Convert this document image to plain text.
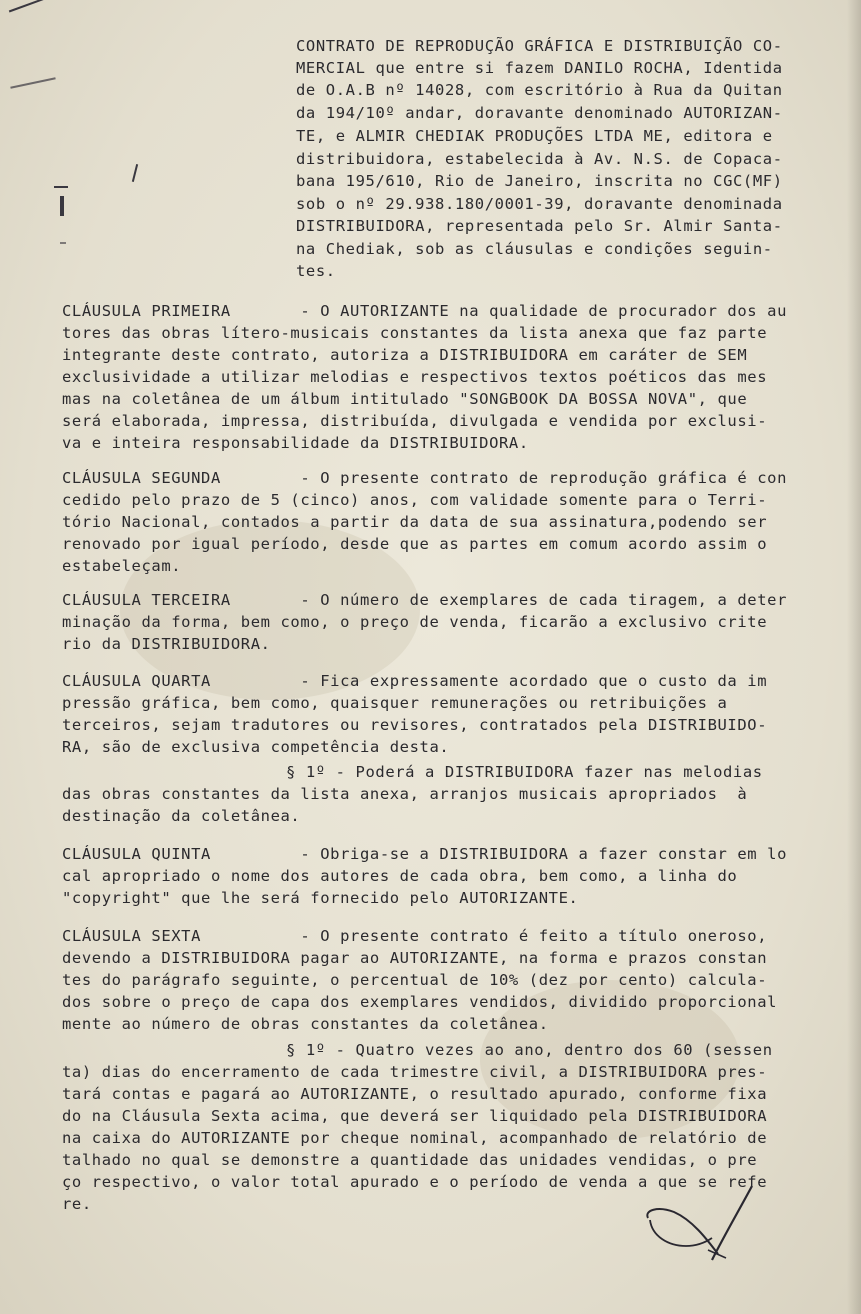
CONTRATO DE REPRODUÇÃO GRÁFICA E DISTRIBUIÇÃO CO-
MERCIAL que entre si fazem DANILO ROCHA, Identida
de O.A.B nº 14028, com escritório à Rua da Quitan
da 194/10º andar, doravante denominado AUTORIZAN-
TE, e ALMIR CHEDIAK PRODUÇÕES LTDA ME, editora e
distribuidora, estabelecida à Av. N.S. de Copaca-
bana 195/610, Rio de Janeiro, inscrita no CGC(MF)
sob o nº 29.938.180/0001-39, doravante denominada
DISTRIBUIDORA, representada pelo Sr. Almir Santa-
na Chediak, sob as cláusulas e condições seguin-
tes.
CLÁUSULA PRIMEIRA       - O AUTORIZANTE na qualidade de procurador dos au
tores das obras lítero-musicais constantes da lista anexa que faz parte
integrante deste contrato, autoriza a DISTRIBUIDORA em caráter de SEM
exclusividade a utilizar melodias e respectivos textos poéticos das mes
mas na coletânea de um álbum intitulado "SONGBOOK DA BOSSA NOVA", que
será elaborada, impressa, distribuída, divulgada e vendida por exclusi-
va e inteira responsabilidade da DISTRIBUIDORA.
CLÁUSULA SEGUNDA        - O presente contrato de reprodução gráfica é con
cedido pelo prazo de 5 (cinco) anos, com validade somente para o Terri-
tório Nacional, contados a partir da data de sua assinatura,podendo ser
renovado por igual período, desde que as partes em comum acordo assim o
estabeleçam.
CLÁUSULA TERCEIRA       - O número de exemplares de cada tiragem, a deter
minação da forma, bem como, o preço de venda, ficarão a exclusivo crite
rio da DISTRIBUIDORA.
CLÁUSULA QUARTA         - Fica expressamente acordado que o custo da im
pressão gráfica, bem como, quaisquer remunerações ou retribuições a
terceiros, sejam tradutores ou revisores, contratados pela DISTRIBUIDO-
RA, são de exclusiva competência desta.
§ 1º - Poderá a DISTRIBUIDORA fazer nas melodias
das obras constantes da lista anexa, arranjos musicais apropriados  à
destinação da coletânea.
CLÁUSULA QUINTA         - Obriga-se a DISTRIBUIDORA a fazer constar em lo
cal apropriado o nome dos autores de cada obra, bem como, a linha do
"copyright" que lhe será fornecido pelo AUTORIZANTE.
CLÁUSULA SEXTA          - O presente contrato é feito a título oneroso,
devendo a DISTRIBUIDORA pagar ao AUTORIZANTE, na forma e prazos constan
tes do parágrafo seguinte, o percentual de 10% (dez por cento) calcula-
dos sobre o preço de capa dos exemplares vendidos, dividido proporcional
mente ao número de obras constantes da coletânea.
§ 1º - Quatro vezes ao ano, dentro dos 60 (sessen
ta) dias do encerramento de cada trimestre civil, a DISTRIBUIDORA pres-
tará contas e pagará ao AUTORIZANTE, o resultado apurado, conforme fixa
do na Cláusula Sexta acima, que deverá ser liquidado pela DISTRIBUIDORA
na caixa do AUTORIZANTE por cheque nominal, acompanhado de relatório de
talhado no qual se demonstre a quantidade das unidades vendidas, o pre
ço respectivo, o valor total apurado e o período de venda a que se refe
re.
